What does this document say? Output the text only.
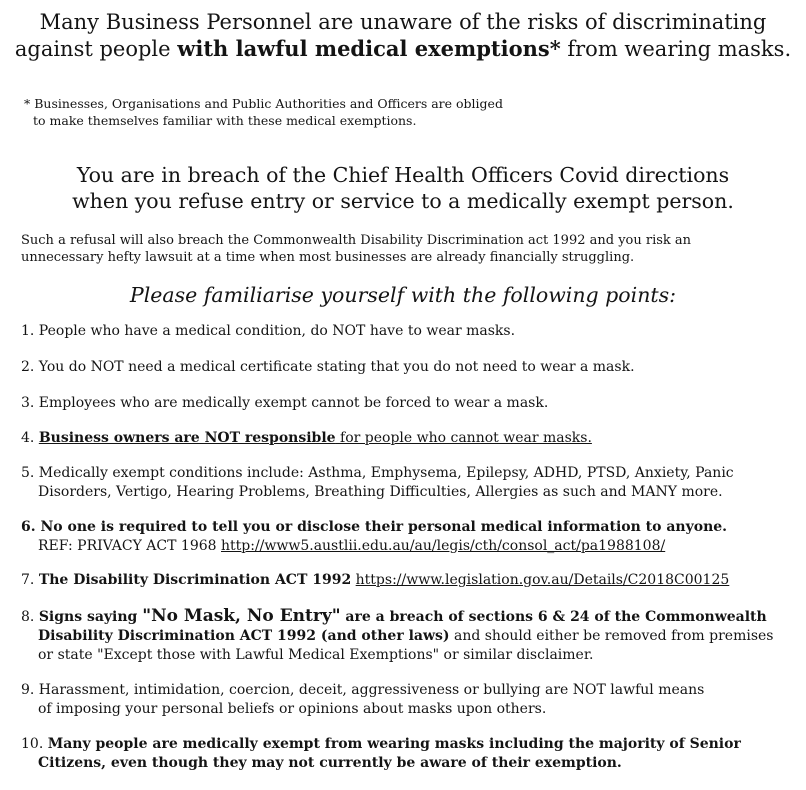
Many Business Personnel are unaware of the risks of discriminating
against people with lawful medical exemptions* from wearing masks.
* Businesses, Organisations and Public Authorities and Officers are obliged
to make themselves familiar with these medical exemptions.
You are in breach of the Chief Health Officers Covid directions
when you refuse entry or service to a medically exempt person.
Such a refusal will also breach the Commonwealth Disability Discrimination act 1992 and you risk an
unnecessary hefty lawsuit at a time when most businesses are already financially struggling.
Please familiarise yourself with the following points:
1. People who have a medical condition, do NOT have to wear masks.
2. You do NOT need a medical certificate stating that you do not need to wear a mask.
3. Employees who are medically exempt cannot be forced to wear a mask.
4. Business owners are NOT responsible for people who cannot wear masks.
5. Medically exempt conditions include: Asthma, Emphysema, Epilepsy, ADHD, PTSD, Anxiety, Panic
Disorders, Vertigo, Hearing Problems, Breathing Difficulties, Allergies as such and MANY more.
6. No one is required to tell you or disclose their personal medical information to anyone.
REF: PRIVACY ACT 1968 http://www5.austlii.edu.au/au/legis/cth/consol_act/pa1988108/
7. The Disability Discrimination ACT 1992 https://www.legislation.gov.au/Details/C2018C00125
8. Signs saying "No Mask, No Entry" are a breach of sections 6 & 24 of the Commonwealth
Disability Discrimination ACT 1992 (and other laws) and should either be removed from premises
or state "Except those with Lawful Medical Exemptions" or similar disclaimer.
9. Harassment, intimidation, coercion, deceit, aggressiveness or bullying are NOT lawful means
of imposing your personal beliefs or opinions about masks upon others.
10. Many people are medically exempt from wearing masks including the majority of Senior
Citizens, even though they may not currently be aware of their exemption.
